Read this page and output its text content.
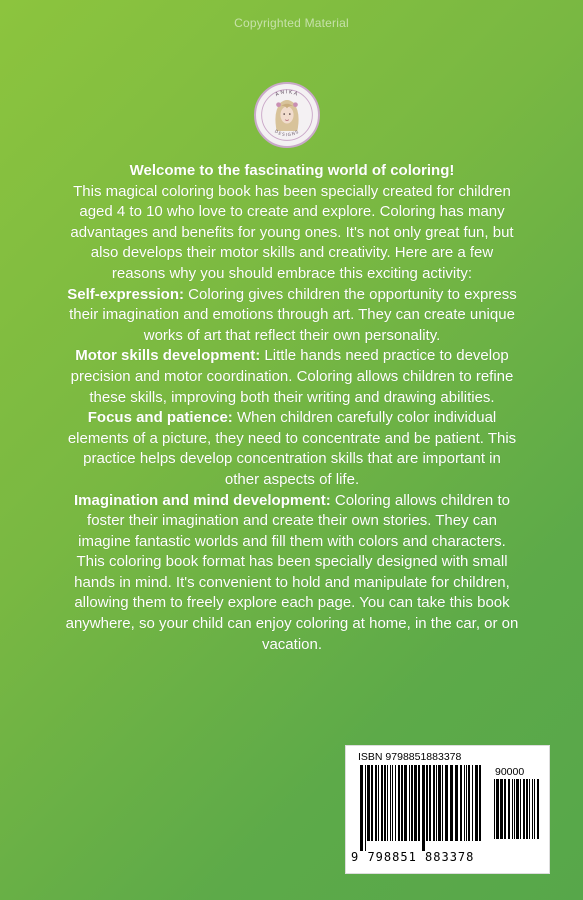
Copyrighted Material
ANIKA
DESIGNS

Welcome to the fascinating world of coloring!

This magical coloring book has been specially created for children aged 4 to 10 who love to create and explore. Coloring has many advantages and benefits for young ones. It's not only great fun, but also develops their motor skills and creativity. Here are a few reasons why you should embrace this exciting activity:

Self-expression: Coloring gives children the opportunity to express their imagination and emotions through art. They can create unique works of art that reflect their own personality.

Motor skills development: Little hands need practice to develop precision and motor coordination. Coloring allows children to refine these skills, improving both their writing and drawing abilities.

Focus and patience: When children carefully color individual elements of a picture, they need to concentrate and be patient. This practice helps develop concentration skills that are important in other aspects of life.

Imagination and mind development: Coloring allows children to foster their imagination and create their own stories. They can imagine fantastic worlds and fill them with colors and characters.

This coloring book format has been specially designed with small hands in mind. It's convenient to hold and manipulate for children, allowing them to freely explore each page. You can take this book anywhere, so your child can enjoy coloring at home, in the car, or on vacation.

ISBN 9798851883378
90000
9 798851 883378
